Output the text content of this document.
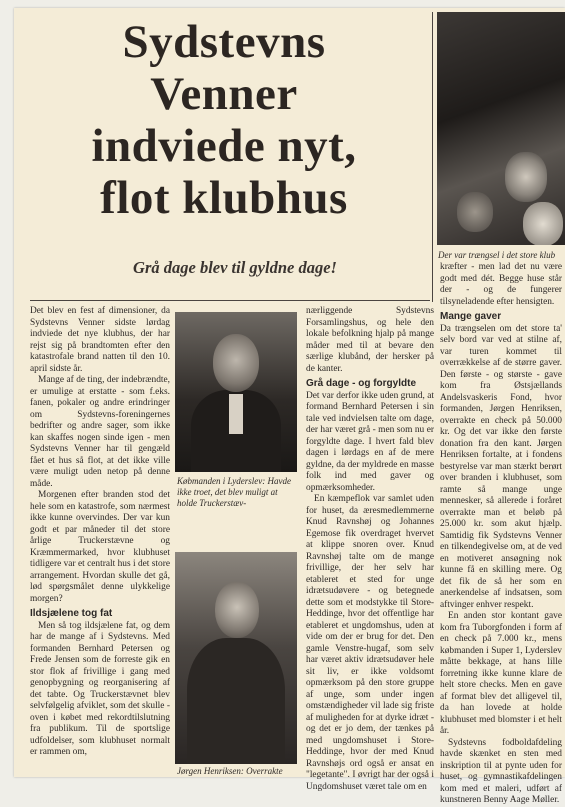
Sydstevns
Venner
indviede nyt,
flot klubhus
Der var trængsel i det store klub
Grå dage blev til gyldne dage!

Det blev en fest af dimensioner, da Sydstevns Venner sidste lørdag indviede det nye klubhus, der har rejst sig på brandtomten efter den katastrofale brand natten til den 10. april sidste år.

Mange af de ting, der indebrændte, er umulige at erstatte - som f.eks. fanen, pokaler og andre erindringer om Sydstevns-foreningernes bedrifter og andre sager, som ikke kan skaffes nogen sinde igen - men Sydstevns Venner har til gengæld fået et hus så flot, at det ikke ville være muligt uden netop på denne måde.

Morgenen efter branden stod det hele som en katastrofe, som nærmest ikke kunne overvindes. Der var kun godt et par måneder til det store årlige Truckerstævne og Kræmmermarked, hvor klubhuset tidligere var et centralt hus i det store arrangement. Hvordan skulle det gå, lød spørgsmålet denne ulykkelige morgen?

Ildsjælene tog fat

Men så tog ildsjælene fat, og dem har de mange af i Sydstevns. Med formanden Bernhard Petersen og Frede Jensen som de forreste gik en stor flok af frivillige i gang med genopbygning og reorganisering af det tabte. Og Truckerstævnet blev selvfølgelig afviklet, som det skulle - oven i købet med rekordtilslutning fra publikum. Til de sportslige udfoldelser, som klubhuset normalt er rammen om,

Købmanden i Lyderslev: Havde ikke troet, det blev muligt at holde Truckerstæv-
Jørgen Henriksen: Overrakte

nærliggende Sydstevns Forsamlingshus, og hele den lokale befolkning hjalp på mange måder med til at bevare den særlige klubånd, der hersker på de kanter.

Grå dage - og forgyldte

Det var derfor ikke uden grund, at formand Bernhard Petersen i sin tale ved indvielsen talte om dage, der har været grå - men som nu er forgyldte dage. I hvert fald blev dagen i lørdags en af de mere gyldne, da der myldrede en masse folk ind med gaver og opmærksomheder.

En kæmpeflok var samlet uden for huset, da æresmedlemmerne Knud Ravnshøj og Johannes Egemose fik overdraget hvervet at klippe snoren over. Knud Ravnshøj talte om de mange frivillige, der her selv har etableret et sted for unge idrætsudøvere - og betegnede dette som et modstykke til Store-Heddinge, hvor det offentlige har etableret et ungdomshus, uden at vide om der er brug for det. Den gamle Venstre-hugaf, som selv har været aktiv idrætsudøver hele sit liv, er ikke voldsomt opmærksom på den store gruppe af unge, som under ingen omstændigheder vil lade sig friste af muligheden for at dyrke idræt - og det er jo dem, der tænkes på med ungdomshuset i Store-Heddinge, hvor der med Knud Ravnshøjs ord også er ansat en "legetante". I øvrigt har der også i Ungdomshuset været tale om en

kræfter - men lad det nu være godt med dét. Begge huse står der - og de fungerer tilsyneladende efter hensigten.

Mange gaver

Da trængselen om det store ta' selv bord var ved at stilne af, var turen kommet til overrækkelse af de større gaver. Den første - og største - gave kom fra Østsjællands Andelsvaskeris Fond, hvor formanden, Jørgen Henriksen, overrakte en check på 50.000 kr. Og det var ikke den første donation fra den kant. Jørgen Henriksen fortalte, at i fondens bestyrelse var man stærkt berørt over branden i klubhuset, som ramte så mange unge mennesker, så allerede i foråret overrakte man et beløb på 25.000 kr. som akut hjælp. Samtidig fik Sydstevns Venner en tilkendegivelse om, at de ved en motiveret ansøgning nok kunne få en skilling mere. Og det fik de så her som en anerkendelse af indsatsen, som aftvinger enhver respekt.

En anden stor kontant gave kom fra Tuborgfonden i form af en check på 7.000 kr., mens købmanden i Super 1, Lyderslev måtte bekkage, at hans lille forretning ikke kunne klare de helt store checks. Men en gave af format blev det alligevel til, da han lovede at holde klubhuset med blomster i et helt år.

Sydstevns fodboldafdeling havde skænket en sten med inskription til at pynte uden for huset, og gymnastikafdelingen kom med et maleri, udført af kunstneren Benny Aage Møller.
